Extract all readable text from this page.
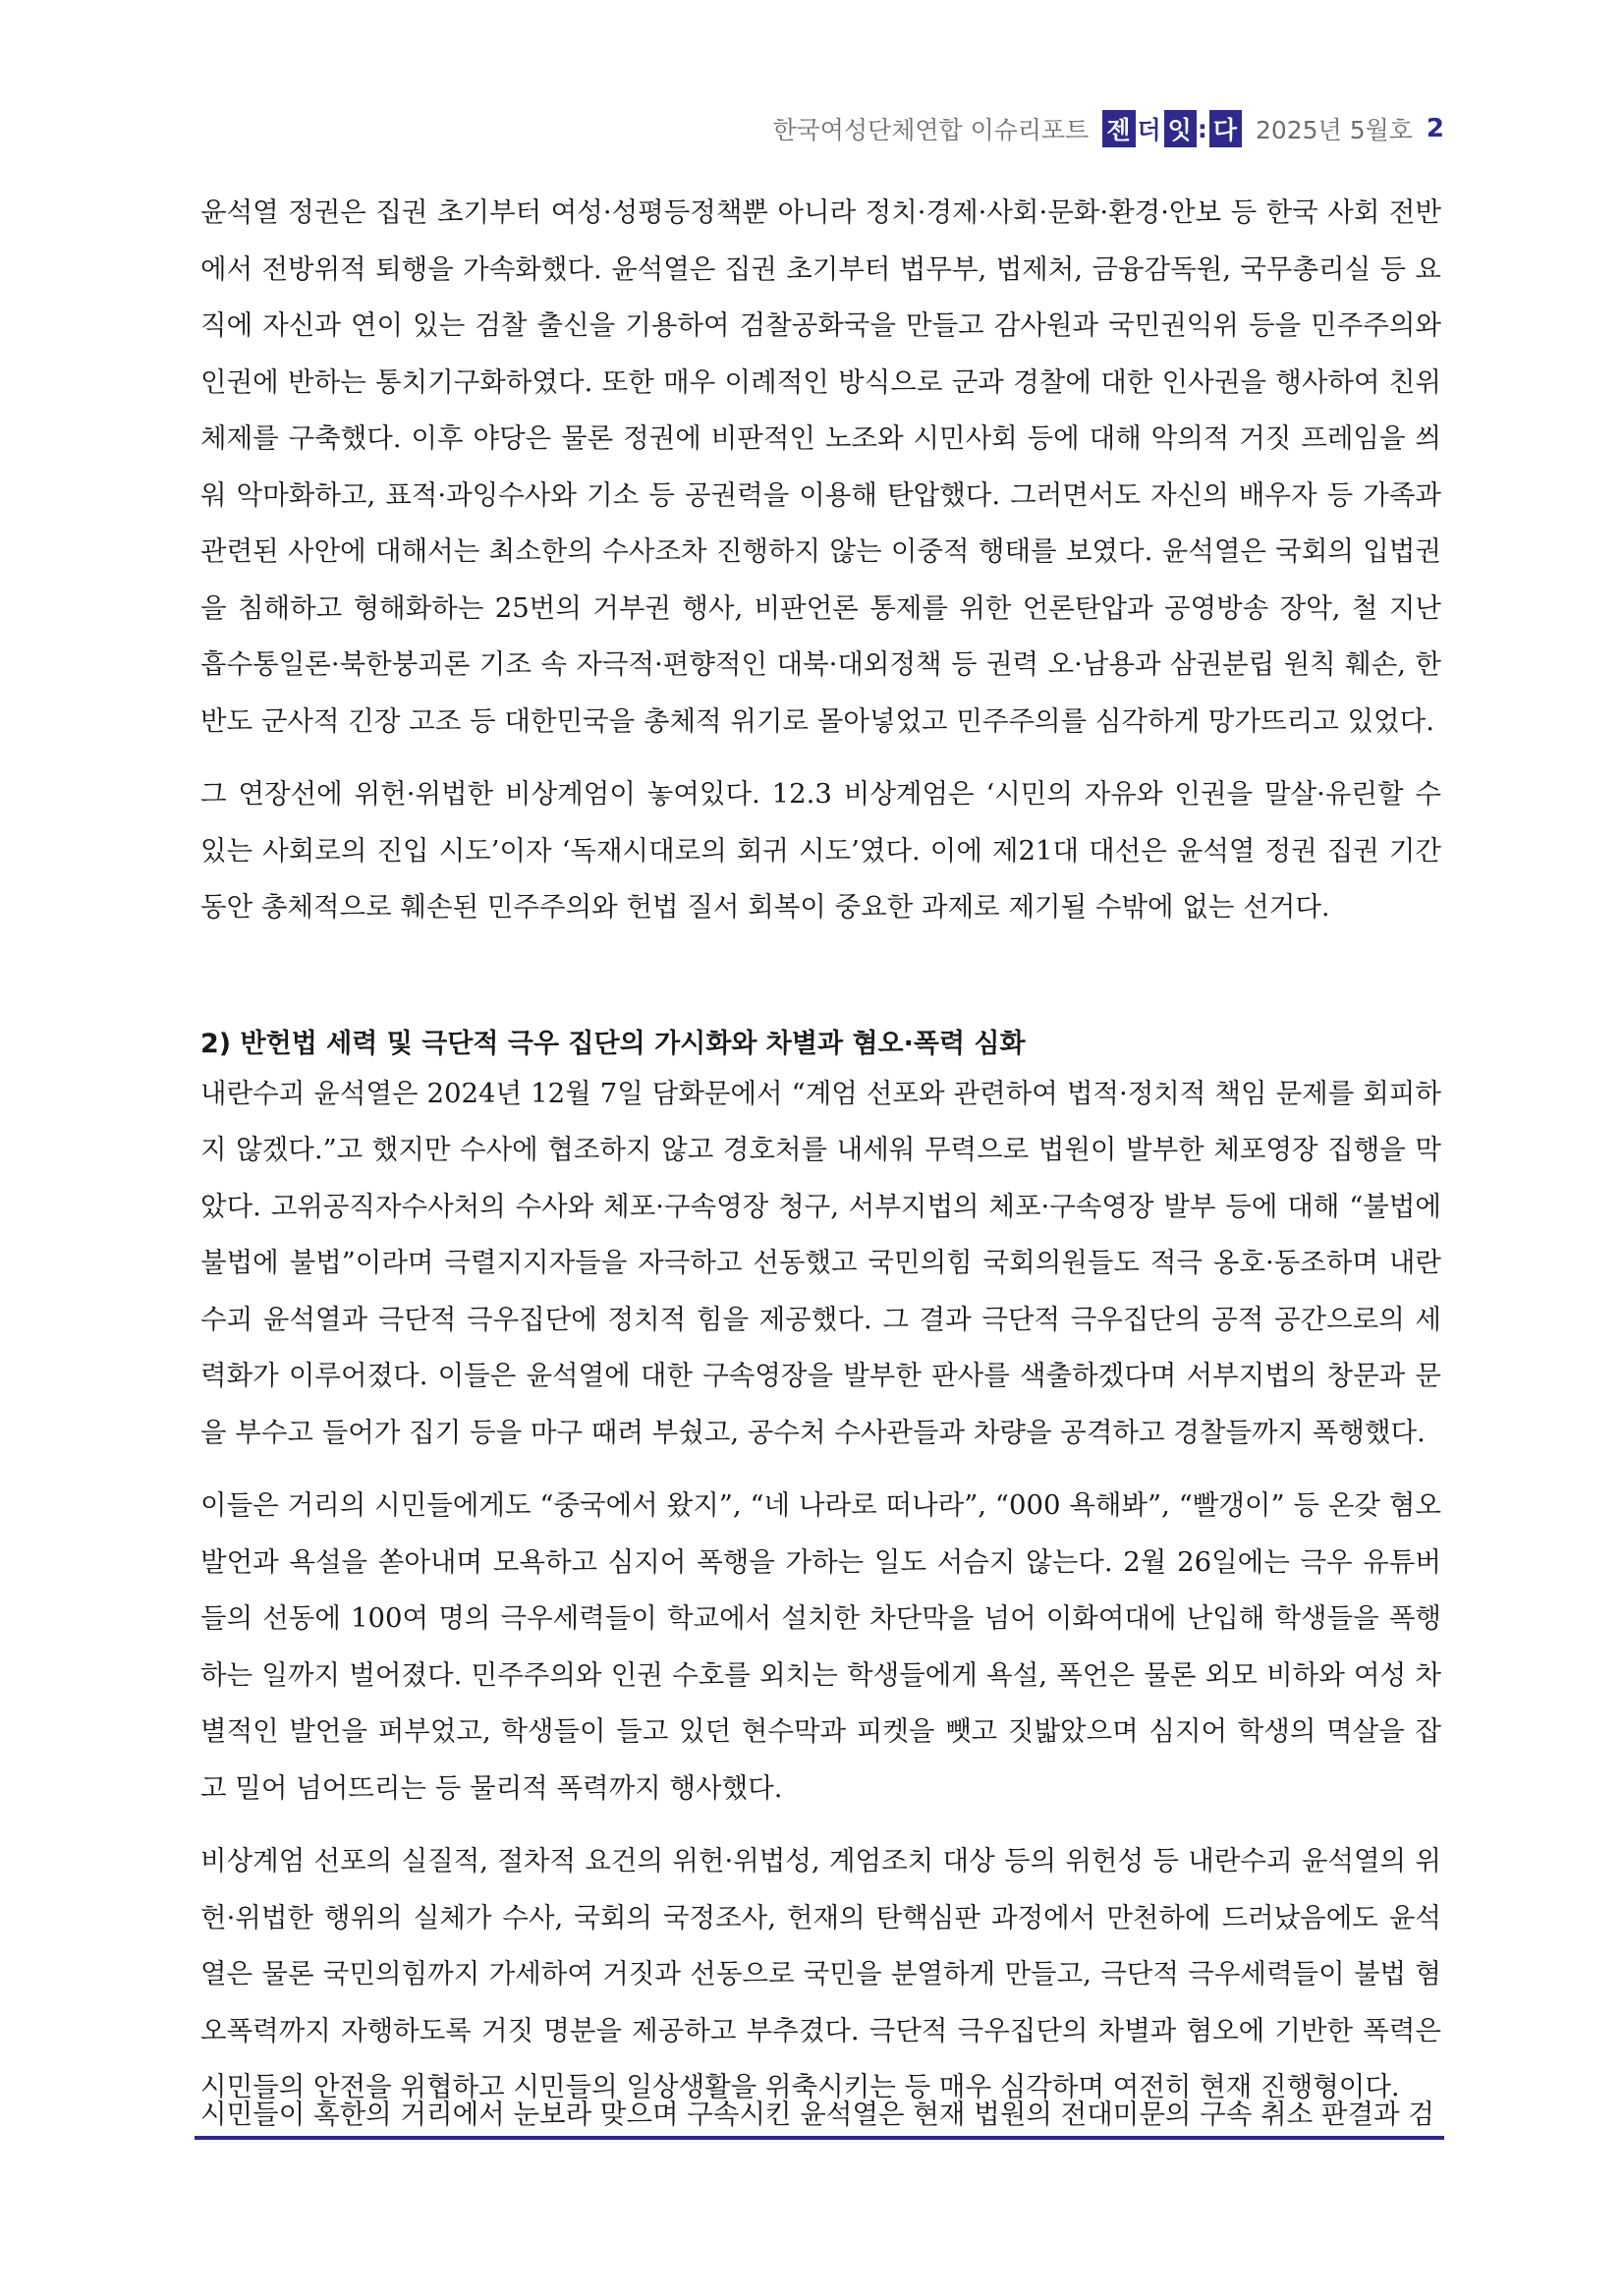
한국여성단체연합 이슈리포트 젠 더 잇 : 다 2025년 5월호 2

윤석열 정권은 집권 초기부터 여성·성평등정책뿐 아니라 정치·경제·사회·문화·환경·안보 등 한국 사회 전반에서 전방위적 퇴행을 가속화했다. 윤석열은 집권 초기부터 법무부, 법제처, 금융감독원, 국무총리실 등 요직에 자신과 연이 있는 검찰 출신을 기용하여 검찰공화국을 만들고 감사원과 국민권익위 등을 민주주의와 인권에 반하는 통치기구화하였다. 또한 매우 이례적인 방식으로 군과 경찰에 대한 인사권을 행사하여 친위체제를 구축했다. 이후 야당은 물론 정권에 비판적인 노조와 시민사회 등에 대해 악의적 거짓 프레임을 씌워 악마화하고, 표적·과잉수사와 기소 등 공권력을 이용해 탄압했다. 그러면서도 자신의 배우자 등 가족과 관련된 사안에 대해서는 최소한의 수사조차 진행하지 않는 이중적 행태를 보였다. 윤석열은 국회의 입법권을 침해하고 형해화하는 25번의 거부권 행사, 비판언론 통제를 위한 언론탄압과 공영방송 장악, 철 지난 흡수통일론·북한붕괴론 기조 속 자극적·편향적인 대북·대외정책 등 권력 오·남용과 삼권분립 원칙 훼손, 한반도 군사적 긴장 고조 등 대한민국을 총체적 위기로 몰아넣었고 민주주의를 심각하게 망가뜨리고 있었다.

그 연장선에 위헌·위법한 비상계엄이 놓여있다. 12.3 비상계엄은 ‘시민의 자유와 인권을 말살·유린할 수 있는 사회로의 진입 시도’이자 ‘독재시대로의 회귀 시도’였다. 이에 제21대 대선은 윤석열 정권 집권 기간 동안 총체적으로 훼손된 민주주의와 헌법 질서 회복이 중요한 과제로 제기될 수밖에 없는 선거다.

2) 반헌법 세력 및 극단적 극우 집단의 가시화와 차별과 혐오·폭력 심화

내란수괴 윤석열은 2024년 12월 7일 담화문에서 “계엄 선포와 관련하여 법적·정치적 책임 문제를 회피하지 않겠다.”고 했지만 수사에 협조하지 않고 경호처를 내세워 무력으로 법원이 발부한 체포영장 집행을 막았다. 고위공직자수사처의 수사와 체포·구속영장 청구, 서부지법의 체포·구속영장 발부 등에 대해 “불법에 불법에 불법”이라며 극렬지지자들을 자극하고 선동했고 국민의힘 국회의원들도 적극 옹호·동조하며 내란수괴 윤석열과 극단적 극우집단에 정치적 힘을 제공했다. 그 결과 극단적 극우집단의 공적 공간으로의 세력화가 이루어졌다. 이들은 윤석열에 대한 구속영장을 발부한 판사를 색출하겠다며 서부지법의 창문과 문을 부수고 들어가 집기 등을 마구 때려 부쉈고, 공수처 수사관들과 차량을 공격하고 경찰들까지 폭행했다.

이들은 거리의 시민들에게도 “중국에서 왔지”, “네 나라로 떠나라”, “000 욕해봐”, “빨갱이” 등 온갖 혐오 발언과 욕설을 쏟아내며 모욕하고 심지어 폭행을 가하는 일도 서슴지 않는다. 2월 26일에는 극우 유튜버들의 선동에 100여 명의 극우세력들이 학교에서 설치한 차단막을 넘어 이화여대에 난입해 학생들을 폭행하는 일까지 벌어졌다. 민주주의와 인권 수호를 외치는 학생들에게 욕설, 폭언은 물론 외모 비하와 여성 차별적인 발언을 퍼부었고, 학생들이 들고 있던 현수막과 피켓을 뺏고 짓밟았으며 심지어 학생의 멱살을 잡고 밀어 넘어뜨리는 등 물리적 폭력까지 행사했다.

비상계엄 선포의 실질적, 절차적 요건의 위헌·위법성, 계엄조치 대상 등의 위헌성 등 내란수괴 윤석열의 위헌·위법한 행위의 실체가 수사, 국회의 국정조사, 헌재의 탄핵심판 과정에서 만천하에 드러났음에도 윤석열은 물론 국민의힘까지 가세하여 거짓과 선동으로 국민을 분열하게 만들고, 극단적 극우세력들이 불법 혐오폭력까지 자행하도록 거짓 명분을 제공하고 부추겼다. 극단적 극우집단의 차별과 혐오에 기반한 폭력은 시민들의 안전을 위협하고 시민들의 일상생활을 위축시키는 등 매우 심각하며 여전히 현재 진행형이다.

시민들이 혹한의 거리에서 눈보라 맞으며 구속시킨 윤석열은 현재 법원의 전대미문의 구속 취소 판결과 검
